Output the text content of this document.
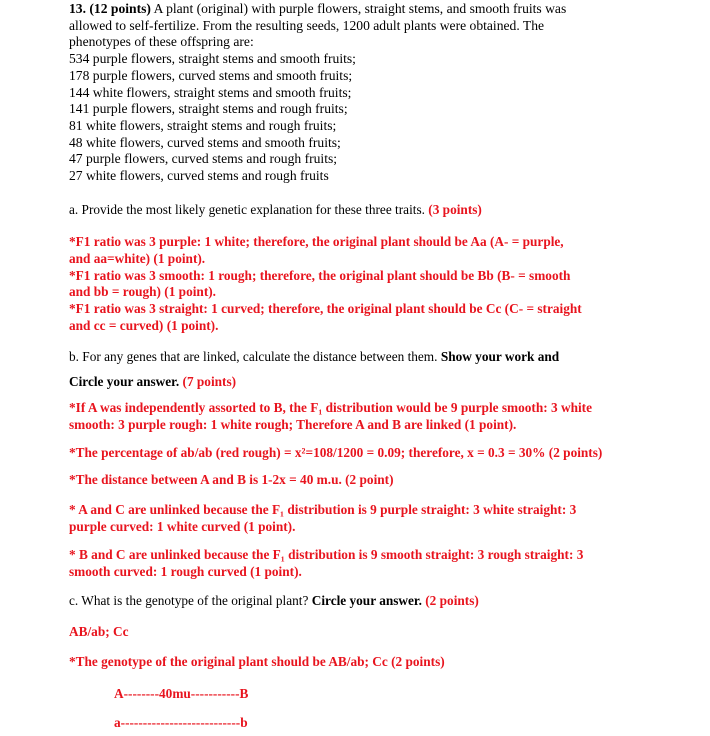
13. (12 points) A plant (original) with purple flowers, straight stems, and smooth fruits was
allowed to self-fertilize. From the resulting seeds, 1200 adult plants were obtained. The
phenotypes of these offspring are:
534 purple flowers, straight stems and smooth fruits;
178 purple flowers, curved stems and smooth fruits;
144 white flowers, straight stems and smooth fruits;
141 purple flowers, straight stems and rough fruits;
81 white flowers, straight stems and rough fruits;
48 white flowers, curved stems and smooth fruits;
47 purple flowers, curved stems and rough fruits;
27 white flowers, curved stems and rough fruits
a. Provide the most likely genetic explanation for these three traits. (3 points)
*F1 ratio was 3 purple: 1 white; therefore, the original plant should be Aa (A- = purple,
and aa=white) (1 point).
*F1 ratio was 3 smooth: 1 rough; therefore, the original plant should be Bb (B- = smooth
and bb = rough) (1 point).
*F1 ratio was 3 straight: 1 curved; therefore, the original plant should be Cc (C- = straight
and cc = curved) (1 point).
b. For any genes that are linked, calculate the distance between them. Show your work and
Circle your answer. (7 points)
*If A was independently assorted to B, the F₁ distribution would be 9 purple smooth: 3 white
smooth: 3 purple rough: 1 white rough; Therefore A and B are linked (1 point).
*The percentage of ab/ab (red rough) = x²=108/1200 = 0.09; therefore, x = 0.3 = 30% (2 points)
*The distance between A and B is 1-2x = 40 m.u. (2 point)
* A and C are unlinked because the F₁ distribution is 9 purple straight: 3 white straight: 3
purple curved: 1 white curved (1 point).
* B and C are unlinked because the F₁ distribution is 9 smooth straight: 3 rough straight: 3
smooth curved: 1 rough curved (1 point).
c. What is the genotype of the original plant? Circle your answer. (2 points)
AB/ab; Cc
*The genotype of the original plant should be AB/ab; Cc (2 points)
A--------40mu-----------B
a---------------------------b
